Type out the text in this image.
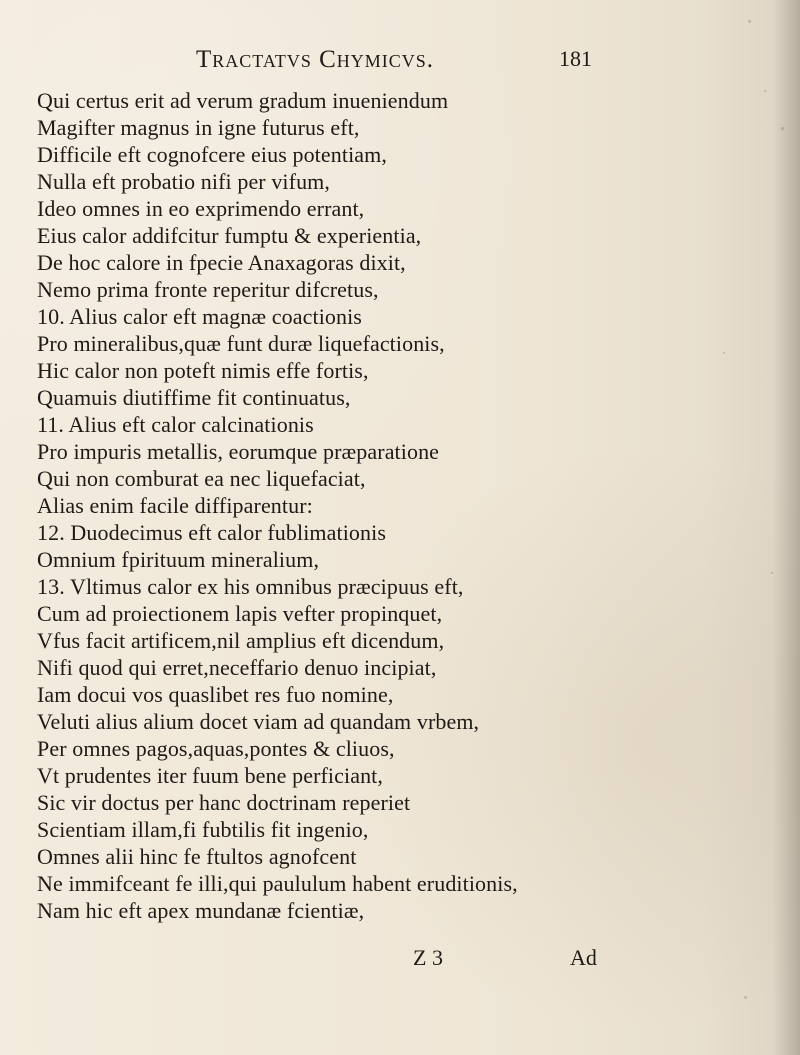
Tractatvs Chymicvs.	181
Qui certus erit ad verum gradum inueniendum
Magifter magnus in igne futurus eft,
Difficile eft cognofcere eius potentiam,
Nulla eft probatio nifi per vifum,
Ideo omnes in eo exprimendo errant,
Eius calor addifcitur fumptu & experientia,
De hoc calore in fpecie Anaxagoras dixit,
Nemo prima fronte reperitur difcretus,
10. Alius calor eft magnæ coactionis
Pro mineralibus,quæ funt duræ liquefactionis,
Hic calor non poteft nimis effe fortis,
Quamuis diutiffime fit continuatus,
11. Alius eft calor calcinationis
Pro impuris metallis, eorumque præparatione
Qui non comburat ea nec liquefaciat,
Alias enim facile diffiparentur:
12. Duodecimus eft calor fublimationis
Omnium fpirituum mineralium,
13. Vltimus calor ex his omnibus præcipuus eft,
Cum ad proiectionem lapis vefter propinquet,
Vfus facit artificem,nil amplius eft dicendum,
Nifi quod qui erret,neceffario denuo incipiat,
Iam docui vos quaslibet res fuo nomine,
Veluti alius alium docet viam ad quandam vrbem,
Per omnes pagos,aquas,pontes & cliuos,
Vt prudentes iter fuum bene perficiant,
Sic vir doctus per hanc doctrinam reperiet
Scientiam illam,fi fubtilis fit ingenio,
Omnes alii hinc fe ftultos agnofcent
Ne immifceant fe illi,qui paululum habent eruditionis,
Nam hic eft apex mundanæ fcientiæ,
Z 3	Ad
